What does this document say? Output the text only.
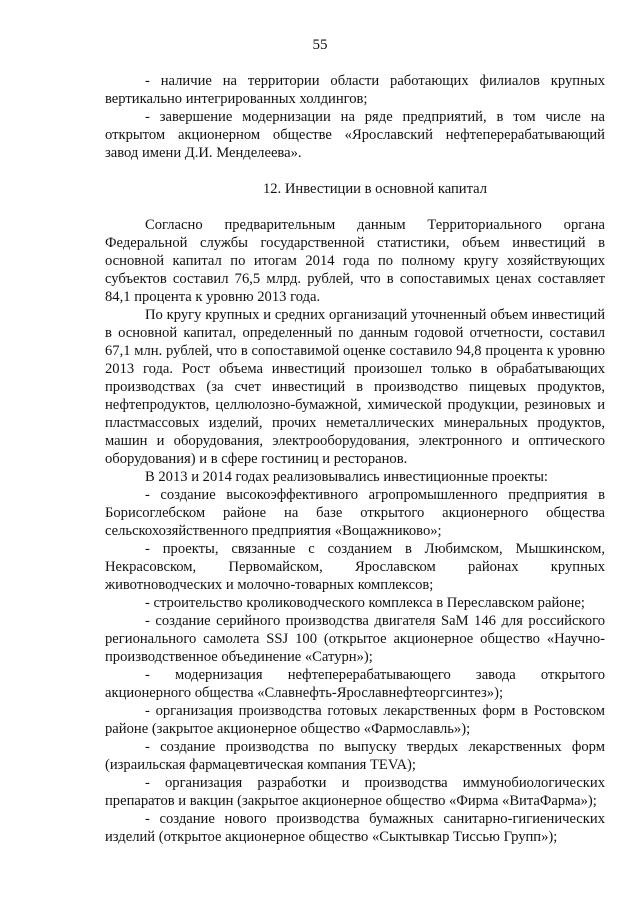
55

- наличие на территории области работающих филиалов крупных вертикально интегрированных холдингов;

- завершение модернизации на ряде предприятий, в том числе на открытом акционерном обществе «Ярославский нефтеперерабатывающий завод имени Д.И. Менделеева».

12. Инвестиции в основной капитал

Согласно предварительным данным Территориального органа Федеральной службы государственной статистики, объем инвестиций в основной капитал по итогам 2014 года по полному кругу хозяйствующих субъектов составил 76,5 млрд. рублей, что в сопоставимых ценах составляет 84,1 процента к уровню 2013 года.

По кругу крупных и средних организаций уточненный объем инвестиций в основной капитал, определенный по данным годовой отчетности, составил 67,1 млн. рублей, что в сопоставимой оценке составило 94,8 процента к уровню 2013 года. Рост объема инвестиций произошел только в обрабатывающих производствах (за счет инвестиций в производство пищевых продуктов, нефтепродуктов, целлюлозно-бумажной, химической продукции, резиновых и пластмассовых изделий, прочих неметаллических минеральных продуктов, машин и оборудования, электрооборудования, электронного и оптического оборудования) и в сфере гостиниц и ресторанов.

В 2013 и 2014 годах реализовывались инвестиционные проекты:

- создание высокоэффективного агропромышленного предприятия в Борисоглебском районе на базе открытого акционерного общества сельскохозяйственного предприятия «Вощажниково»;

- проекты, связанные с созданием в Любимском, Мышкинском, Некрасовском, Первомайском, Ярославском районах крупных животноводческих и молочно-товарных комплексов;

- строительство кролиководческого комплекса в Переславском районе;

- создание серийного производства двигателя SaM 146 для российского регионального самолета SSJ 100 (открытое акционерное общество «Научно-производственное объединение «Сатурн»);

- модернизация нефтеперерабатывающего завода открытого акционерного общества «Славнефть-Ярославнефтеоргсинтез»);

- организация производства готовых лекарственных форм в Ростовском районе (закрытое акционерное общество «Фармославль»);

- создание производства по выпуску твердых лекарственных форм (израильская фармацевтическая компания TEVA);

- организация разработки и производства иммунобиологических препаратов и вакцин (закрытое акционерное общество «Фирма «ВитаФарма»);

- создание нового производства бумажных санитарно-гигиенических изделий (открытое акционерное общество «Сыктывкар Тиссью Групп»);
